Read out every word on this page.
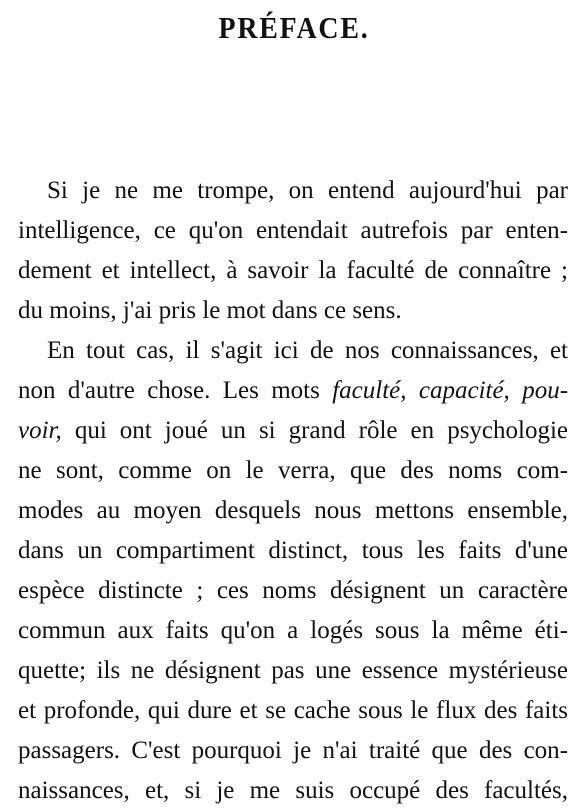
PRÉFACE.
Si je ne me trompe, on entend aujourd'hui par
intelligence, ce qu'on entendait autrefois par enten-
dement et intellect, à savoir la faculté de connaître ;
du moins, j'ai pris le mot dans ce sens.
En tout cas, il s'agit ici de nos connaissances, et
non d'autre chose. Les mots faculté, capacité, pou-
voir, qui ont joué un si grand rôle en psychologie
ne sont, comme on le verra, que des noms com-
modes au moyen desquels nous mettons ensemble,
dans un compartiment distinct, tous les faits d'une
espèce distincte ; ces noms désignent un caractère
commun aux faits qu'on a logés sous la même éti-
quette; ils ne désignent pas une essence mystérieuse
et profonde, qui dure et se cache sous le flux des faits
passagers. C'est pourquoi je n'ai traité que des con-
naissances, et, si je me suis occupé des facultés,
